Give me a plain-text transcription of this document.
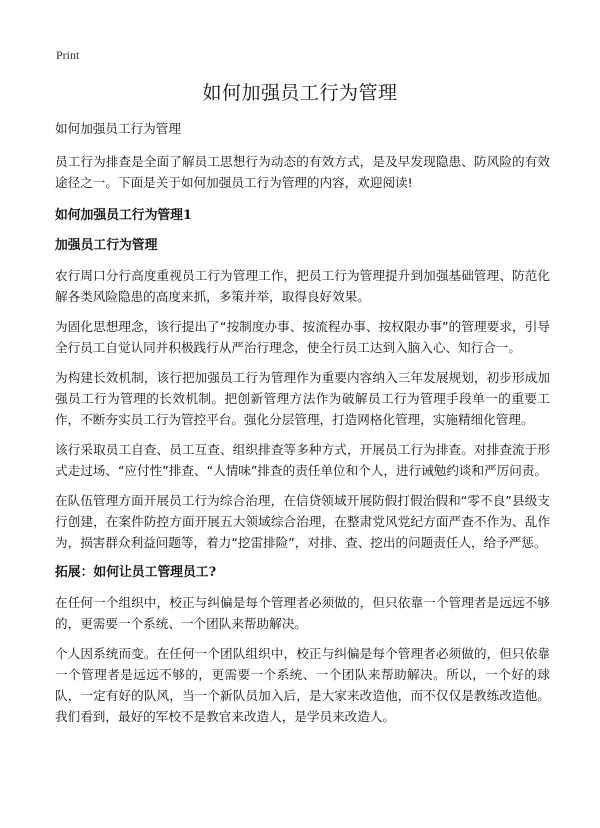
Print
如何加强员工行为管理

如何加强员工行为管理

员工行为排查是全面了解员工思想行为动态的有效方式，是及早发现隐患、防风险的有效途径之一。下面是关于如何加强员工行为管理的内容，欢迎阅读!

如何加强员工行为管理1
加强员工行为管理

农行周口分行高度重视员工行为管理工作，把员工行为管理提升到加强基础管理、防范化解各类风险隐患的高度来抓，多策并举，取得良好效果。

为固化思想理念，该行提出了“按制度办事、按流程办事、按权限办事”的管理要求，引导全行员工自觉认同并积极践行从严治行理念，使全行员工达到入脑入心、知行合一。

为构建长效机制，该行把加强员工行为管理作为重要内容纳入三年发展规划，初步形成加强员工行为管理的长效机制。把创新管理方法作为破解员工行为管理手段单一的重要工作，不断夯实员工行为管控平台。强化分层管理，打造网格化管理，实施精细化管理。

该行采取员工自查、员工互查、组织排查等多种方式，开展员工行为排查。对排查流于形式走过场、“应付性”排查、“人情味”排查的责任单位和个人，进行诫勉约谈和严厉问责。

在队伍管理方面开展员工行为综合治理，在信贷领域开展防假打假治假和“零不良”县级支行创建，在案件防控方面开展五大领域综合治理，在整肃党风党纪方面严查不作为、乱作为，损害群众利益问题等，着力“挖雷排险”，对排、查、挖出的问题责任人，给予严惩。

拓展：如何让员工管理员工?

在任何一个组织中，校正与纠偏是每个管理者必须做的，但只依靠一个管理者是远远不够的，更需要一个系统、一个团队来帮助解决。

个人因系统而变。在任何一个团队组织中，校正与纠偏是每个管理者必须做的，但只依靠一个管理者是远远不够的，更需要一个系统、一个团队来帮助解决。所以，一个好的球队，一定有好的队风，当一个新队员加入后，是大家来改造他，而不仅仅是教练改造他。我们看到，最好的军校不是教官来改造人，是学员来改造人。
